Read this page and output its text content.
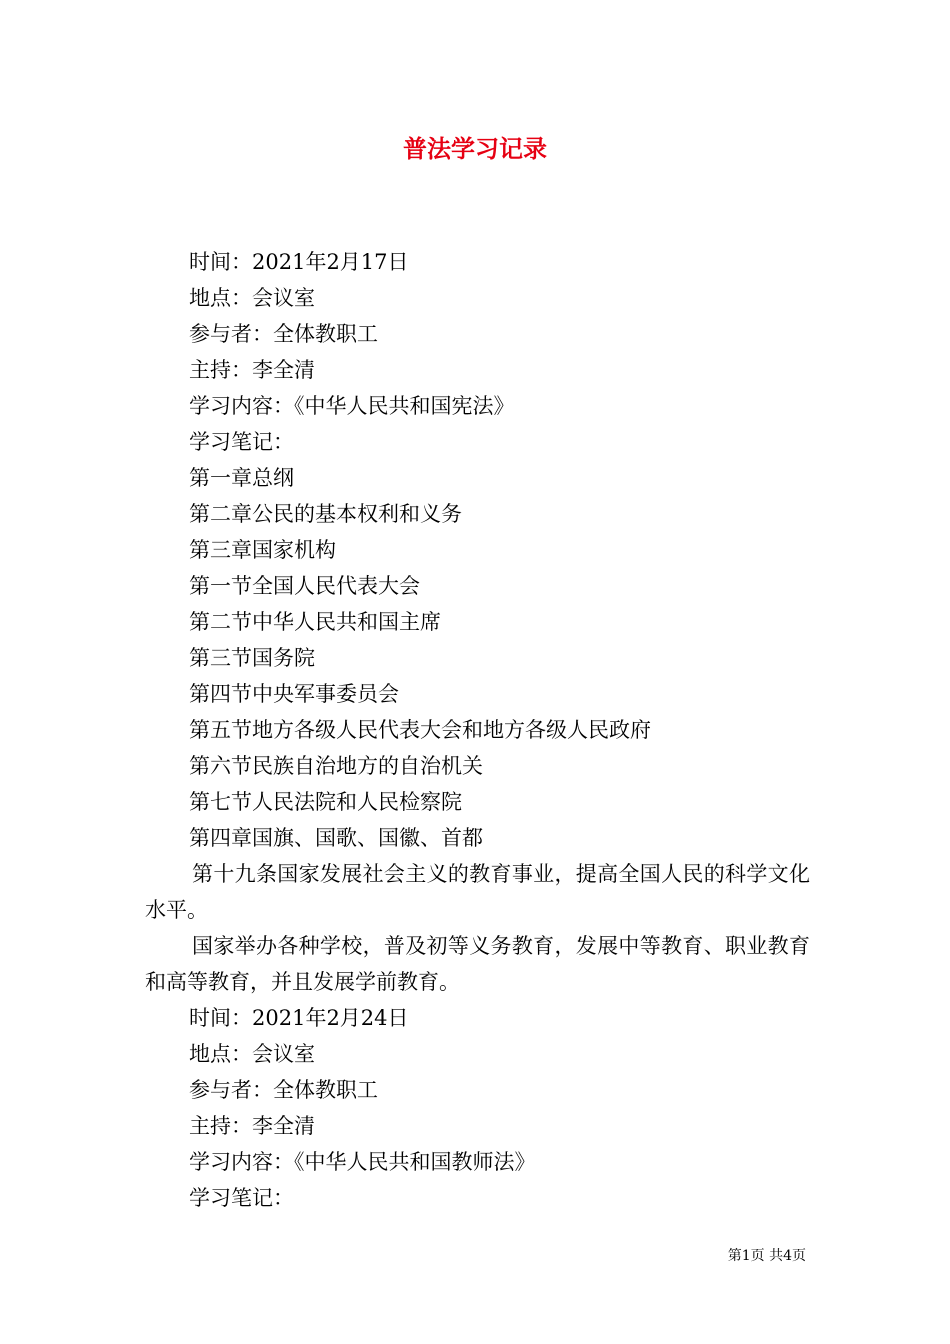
普法学习记录
时间：2021年2月17日
地点：会议室
参与者：全体教职工
主持：李全清
学习内容：《中华人民共和国宪法》
学习笔记：
第一章总纲
第二章公民的基本权利和义务
第三章国家机构
第一节全国人民代表大会
第二节中华人民共和国主席
第三节国务院
第四节中央军事委员会
第五节地方各级人民代表大会和地方各级人民政府
第六节民族自治地方的自治机关
第七节人民法院和人民检察院
第四章国旗、国歌、国徽、首都
第十九条国家发展社会主义的教育事业，提高全国人民的科学文化水平。
国家举办各种学校，普及初等义务教育，发展中等教育、职业教育和高等教育，并且发展学前教育。
时间：2021年2月24日
地点：会议室
参与者：全体教职工
主持：李全清
学习内容：《中华人民共和国教师法》
学习笔记：
第1页 共4页
